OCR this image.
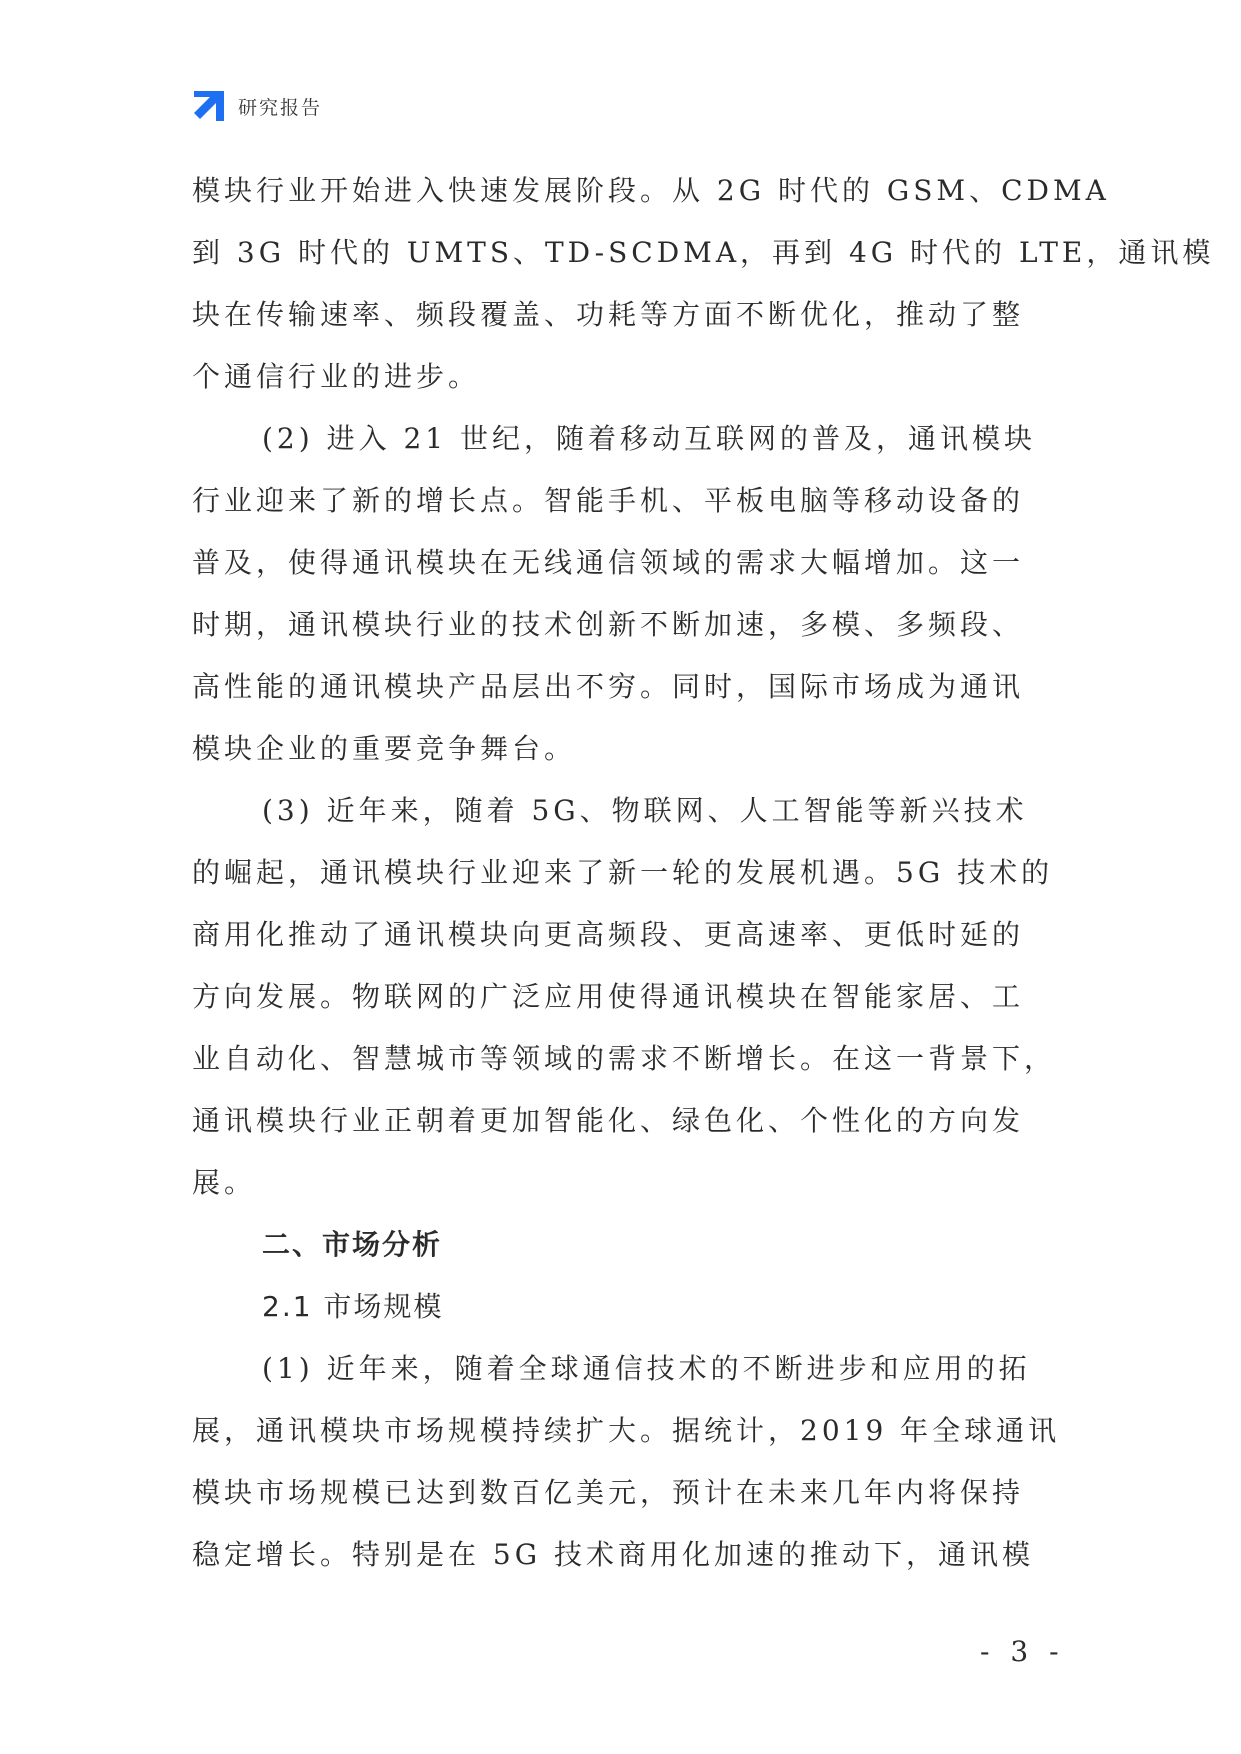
研究报告
模块行业开始进入快速发展阶段。从 2G 时代的 GSM、CDMA
到 3G 时代的 UMTS、TD-SCDMA，再到 4G 时代的 LTE，通讯模
块在传输速率、频段覆盖、功耗等方面不断优化，推动了整
个通信行业的进步。
(2) 进入 21 世纪，随着移动互联网的普及，通讯模块
行业迎来了新的增长点。智能手机、平板电脑等移动设备的
普及，使得通讯模块在无线通信领域的需求大幅增加。这一
时期，通讯模块行业的技术创新不断加速，多模、多频段、
高性能的通讯模块产品层出不穷。同时，国际市场成为通讯
模块企业的重要竞争舞台。
(3) 近年来，随着 5G、物联网、人工智能等新兴技术
的崛起，通讯模块行业迎来了新一轮的发展机遇。5G 技术的
商用化推动了通讯模块向更高频段、更高速率、更低时延的
方向发展。物联网的广泛应用使得通讯模块在智能家居、工
业自动化、智慧城市等领域的需求不断增长。在这一背景下，
通讯模块行业正朝着更加智能化、绿色化、个性化的方向发
展。
二、市场分析
2.1 市场规模
(1) 近年来，随着全球通信技术的不断进步和应用的拓
展，通讯模块市场规模持续扩大。据统计，2019 年全球通讯
模块市场规模已达到数百亿美元，预计在未来几年内将保持
稳定增长。特别是在 5G 技术商用化加速的推动下，通讯模
- 3 -
